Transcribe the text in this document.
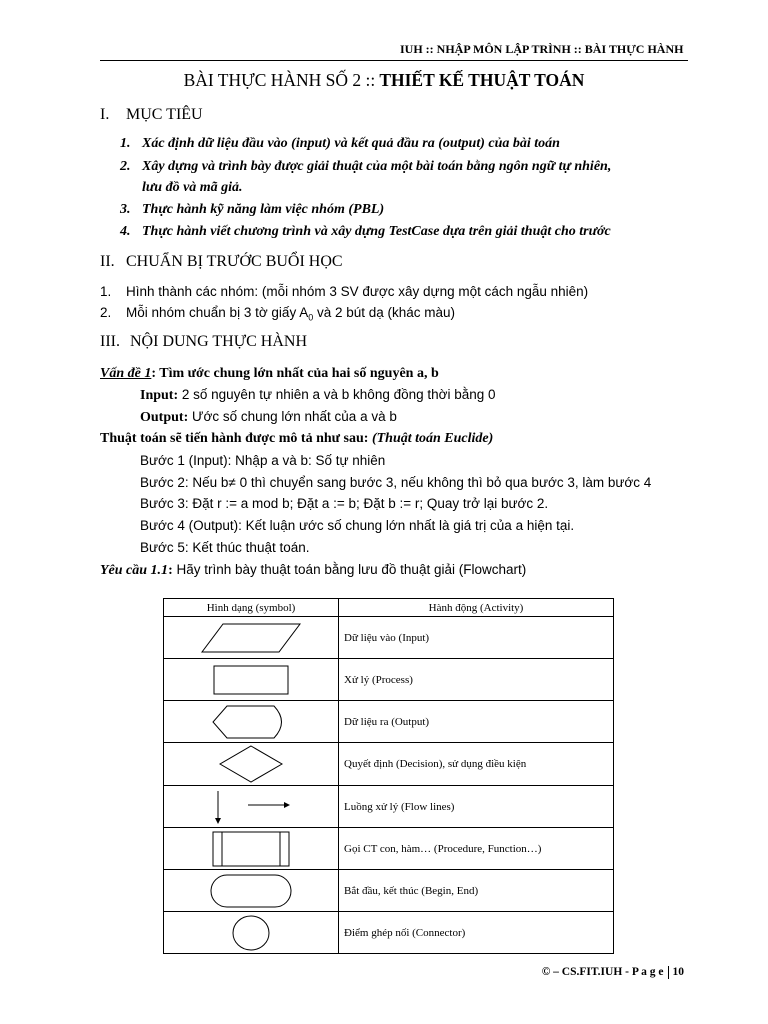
IUH :: NHẬP MÔN LẬP TRÌNH :: BÀI THỰC HÀNH
BÀI THỰC HÀNH SỐ 2 :: THIẾT KẾ THUẬT TOÁN
I. MỤC TIÊU
1. Xác định dữ liệu đầu vào (input) và kết quả đầu ra (output) của bài toán
2. Xây dựng và trình bày được giải thuật của một bài toán bằng ngôn ngữ tự nhiên,
lưu đồ và mã giả.
3. Thực hành kỹ năng làm việc nhóm (PBL)
4. Thực hành viết chương trình và xây dựng TestCase dựa trên giải thuật cho trước
II. CHUẨN BỊ TRƯỚC BUỔI HỌC
1. Hình thành các nhóm: (mỗi nhóm 3 SV được xây dựng một cách ngẫu nhiên)
2. Mỗi nhóm chuẩn bị 3 tờ giấy $A_0$ và 2 bút dạ (khác màu)
III. NỘI DUNG THỰC HÀNH
Vấn đề 1: Tìm ước chung lớn nhất của hai số nguyên a, b
Input: 2 số nguyên tự nhiên a và b không đồng thời bằng 0
Output: Ước số chung lớn nhất của a và b
Thuật toán sẽ tiến hành được mô tả như sau: (Thuật toán Euclide)
Bước 1 (Input): Nhập a và b: Số tự nhiên
Bước 2: Nếu b≠ 0 thì chuyển sang bước 3, nếu không thì bỏ qua bước 3, làm bước 4
Bước 3: Đặt r := a mod b; Đặt a := b; Đặt b := r; Quay trở lại bước 2.
Bước 4 (Output): Kết luận ước số chung lớn nhất là giá trị của a hiện tại.
Bước 5: Kết thúc thuật toán.
Yêu cầu 1.1: Hãy trình bày thuật toán bằng lưu đồ thuật giải (Flowchart)
Hình dạng (symbol)	Hành động (Activity)

	Dữ liệu vào (Input)

	Xử lý (Process)

	Dữ liệu ra (Output)

	Quyết định (Decision), sử dụng điều kiện

	Luồng xử lý (Flow lines)

	Gọi CT con, hàm… (Procedure, Function…)

	Bắt đầu, kết thúc (Begin, End)

	Điểm ghép nối (Connector)
© – CS.FIT.IUH - P a g e 10
